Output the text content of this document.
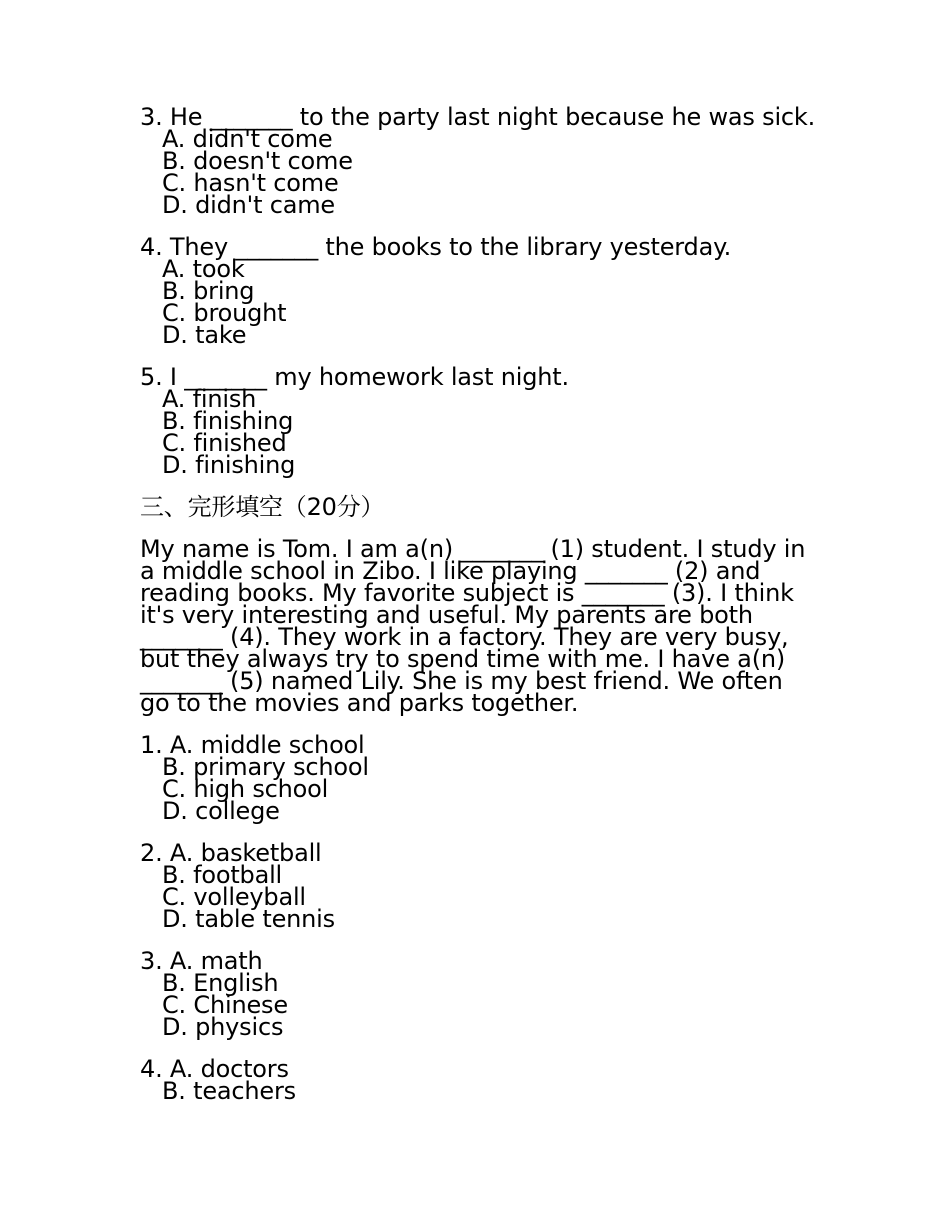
3. He _______ to the party last night because he was sick.
A. didn't come
B. doesn't come
C. hasn't come
D. didn't came
4. They _______ the books to the library yesterday.
A. took
B. bring
C. brought
D. take
5. I _______ my homework last night.
A. finish
B. finishing
C. finished
D. finishing
三、完形填空（20分）
My name is Tom. I am a(n) _______ (1) student. I study in
a middle school in Zibo. I like playing _______ (2) and
reading books. My favorite subject is _______ (3). I think
it's very interesting and useful. My parents are both
_______ (4). They work in a factory. They are very busy,
but they always try to spend time with me. I have a(n)
_______ (5) named Lily. She is my best friend. We often
go to the movies and parks together.
1. A. middle school
B. primary school
C. high school
D. college
2. A. basketball
B. football
C. volleyball
D. table tennis
3. A. math
B. English
C. Chinese
D. physics
4. A. doctors
B. teachers
